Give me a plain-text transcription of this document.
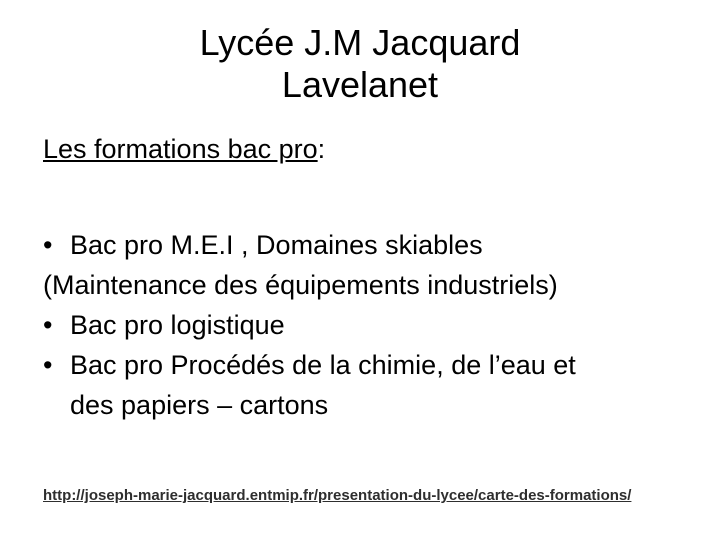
Lycée J.M Jacquard
Lavelanet
Les formations bac pro:
• Bac pro M.E.I , Domaines skiables
(Maintenance des équipements industriels)
• Bac pro logistique
• Bac pro Procédés de la chimie, de l’eau et
des papiers – cartons
http://joseph-marie-jacquard.entmip.fr/presentation-du-lycee/carte-des-formations/
